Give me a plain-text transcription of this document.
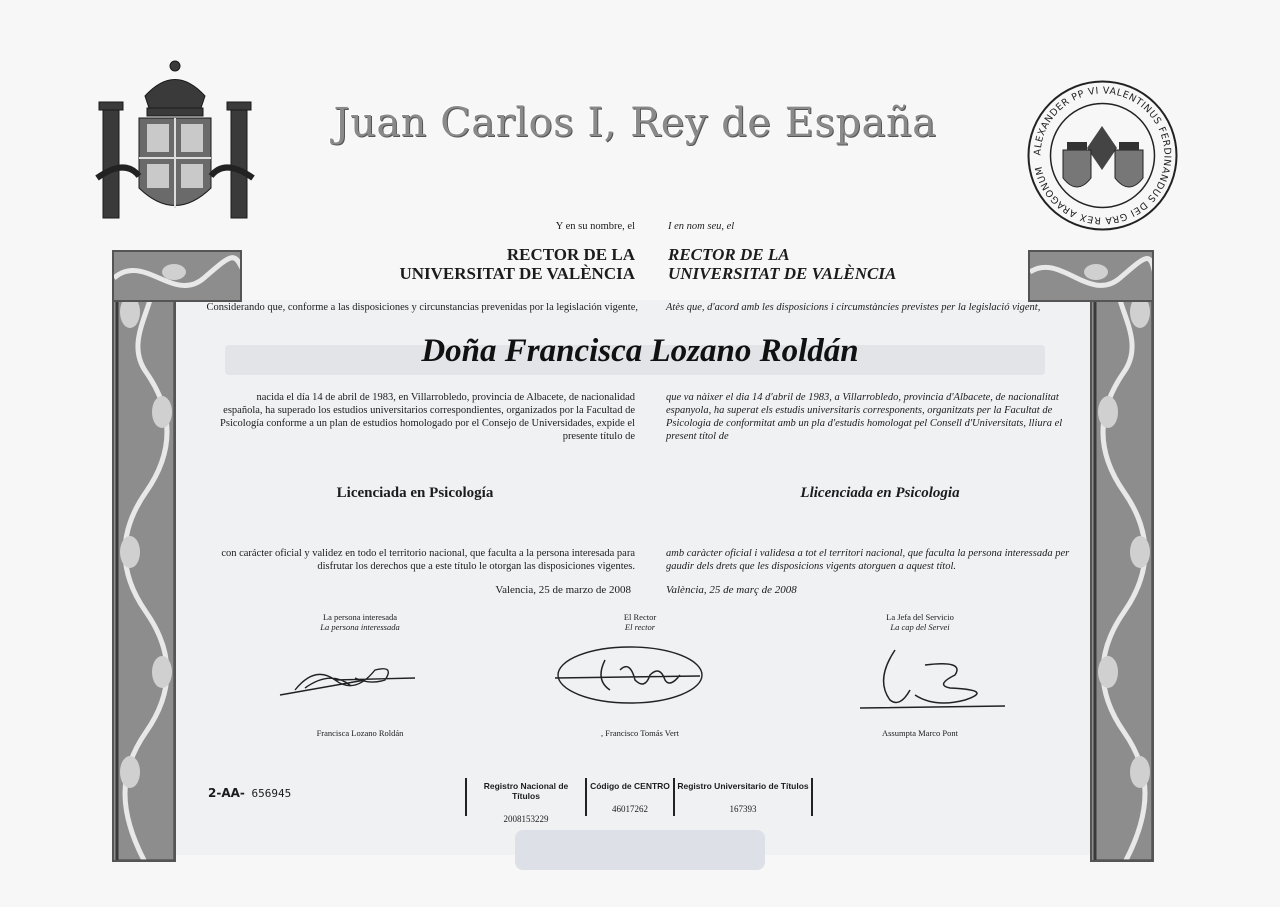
Juan Carlos I, Rey de España
ALEXANDER PP VI VALENTINUS FERDINANDUS DEI GRA REX ARAGONUM
Y en su nombre, el	I en nom seu, el
RECTOR DE LA
UNIVERSITAT DE VALÈNCIA
RECTOR DE LA
UNIVERSITAT DE VALÈNCIA
Considerando que, conforme a las disposiciones y circunstancias prevenidas por la legislación vigente,	Atès que, d'acord amb les disposicions i circumstàncies previstes per la legislació vigent,
Doña Francisca Lozano Roldán
nacida el día 14 de abril de 1983, en Villarrobledo, provincia de Albacete, de nacionalidad española, ha superado los estudios universitarios correspondientes, organizados por la Facultad de Psicología conforme a un plan de estudios homologado por el Consejo de Universidades, expide el presente título de
que va nàixer el dia 14 d'abril de 1983, a Villarrobledo, provincia d'Albacete, de nacionalitat espanyola, ha superat els estudis universitaris corresponents, organitzats per la Facultat de Psicologia de conformitat amb un pla d'estudis homologat pel Consell d'Universitats, lliura el present títol de
Licenciada en Psicología	Llicenciada en Psicologia
con carácter oficial y validez en todo el territorio nacional, que faculta a la persona interesada para disfrutar los derechos que a este título le otorgan las disposiciones vigentes.
amb caràcter oficial i validesa a tot el territori nacional, que faculta la persona interessada per gaudir dels drets que les disposicions vigents atorguen a aquest títol.
Valencia, 25 de marzo de 2008	València, 25 de març de 2008
La persona interesada
La persona interessada
Francisca Lozano Roldán
El Rector
El rector
, Francisco Tomás Vert
La Jefa del Servicio
La cap del Servei
Assumpta Marco Pont
2-AA- 656945
Registro Nacional de Títulos
2008153229
Código de CENTRO
46017262
Registro Universitario de Títulos
167393
